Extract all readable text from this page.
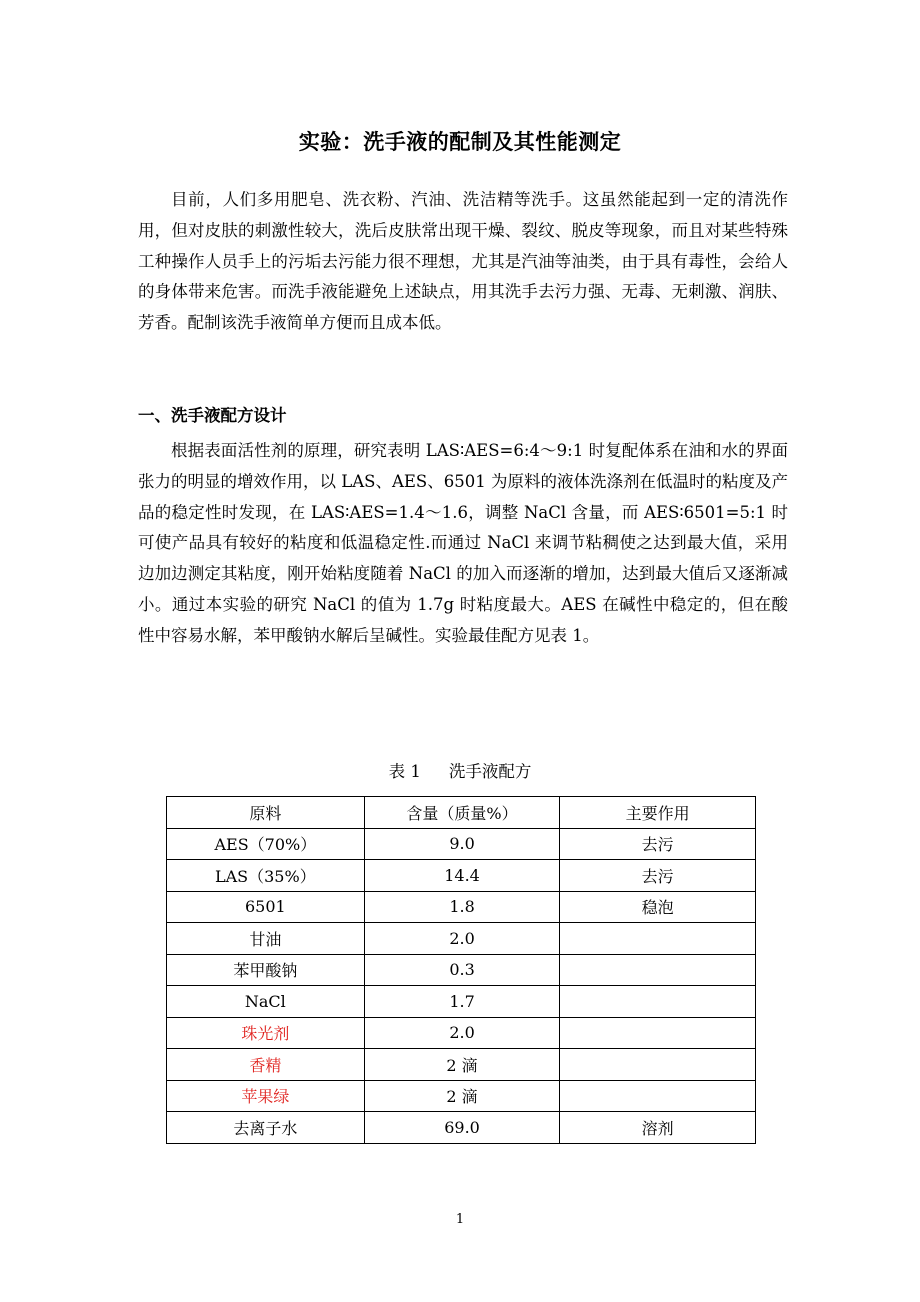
实验：洗手液的配制及其性能测定

目前，人们多用肥皂、洗衣粉、汽油、洗洁精等洗手。这虽然能起到一定的清洗作用，但对皮肤的刺激性较大，洗后皮肤常出现干燥、裂纹、脱皮等现象，而且对某些特殊工种操作人员手上的污垢去污能力很不理想，尤其是汽油等油类，由于具有毒性，会给人的身体带来危害。而洗手液能避免上述缺点，用其洗手去污力强、无毒、无刺激、润肤、芳香。配制该洗手液简单方便而且成本低。

一、洗手液配方设计

根据表面活性剂的原理，研究表明 LAS∶AES=6:4～9:1 时复配体系在油和水的界面张力的明显的增效作用，以 LAS、AES、6501 为原料的液体洗涤剂在低温时的粘度及产品的稳定性时发现，在 LAS∶AES=1.4～1.6，调整 NaCl 含量，而 AES∶6501=5:1 时可使产品具有较好的粘度和低温稳定性.而通过 NaCl 来调节粘稠使之达到最大值，采用边加边测定其粘度，刚开始粘度随着 NaCl 的加入而逐渐的增加，达到最大值后又逐渐减小。通过本实验的研究 NaCl 的值为 1.7g 时粘度最大。AES 在碱性中稳定的，但在酸性中容易水解，苯甲酸钠水解后呈碱性。实验最佳配方见表 1。

表 1 洗手液配方
原料	含量（质量%）	主要作用
AES（70%）	9.0	去污
LAS（35%）	14.4	去污
6501	1.8	稳泡
甘油	2.0	
苯甲酸钠	0.3	
NaCl	1.7	
珠光剂	2.0	
香精	2 滴	
苹果绿	2 滴	
去离子水	69.0	溶剂
1
